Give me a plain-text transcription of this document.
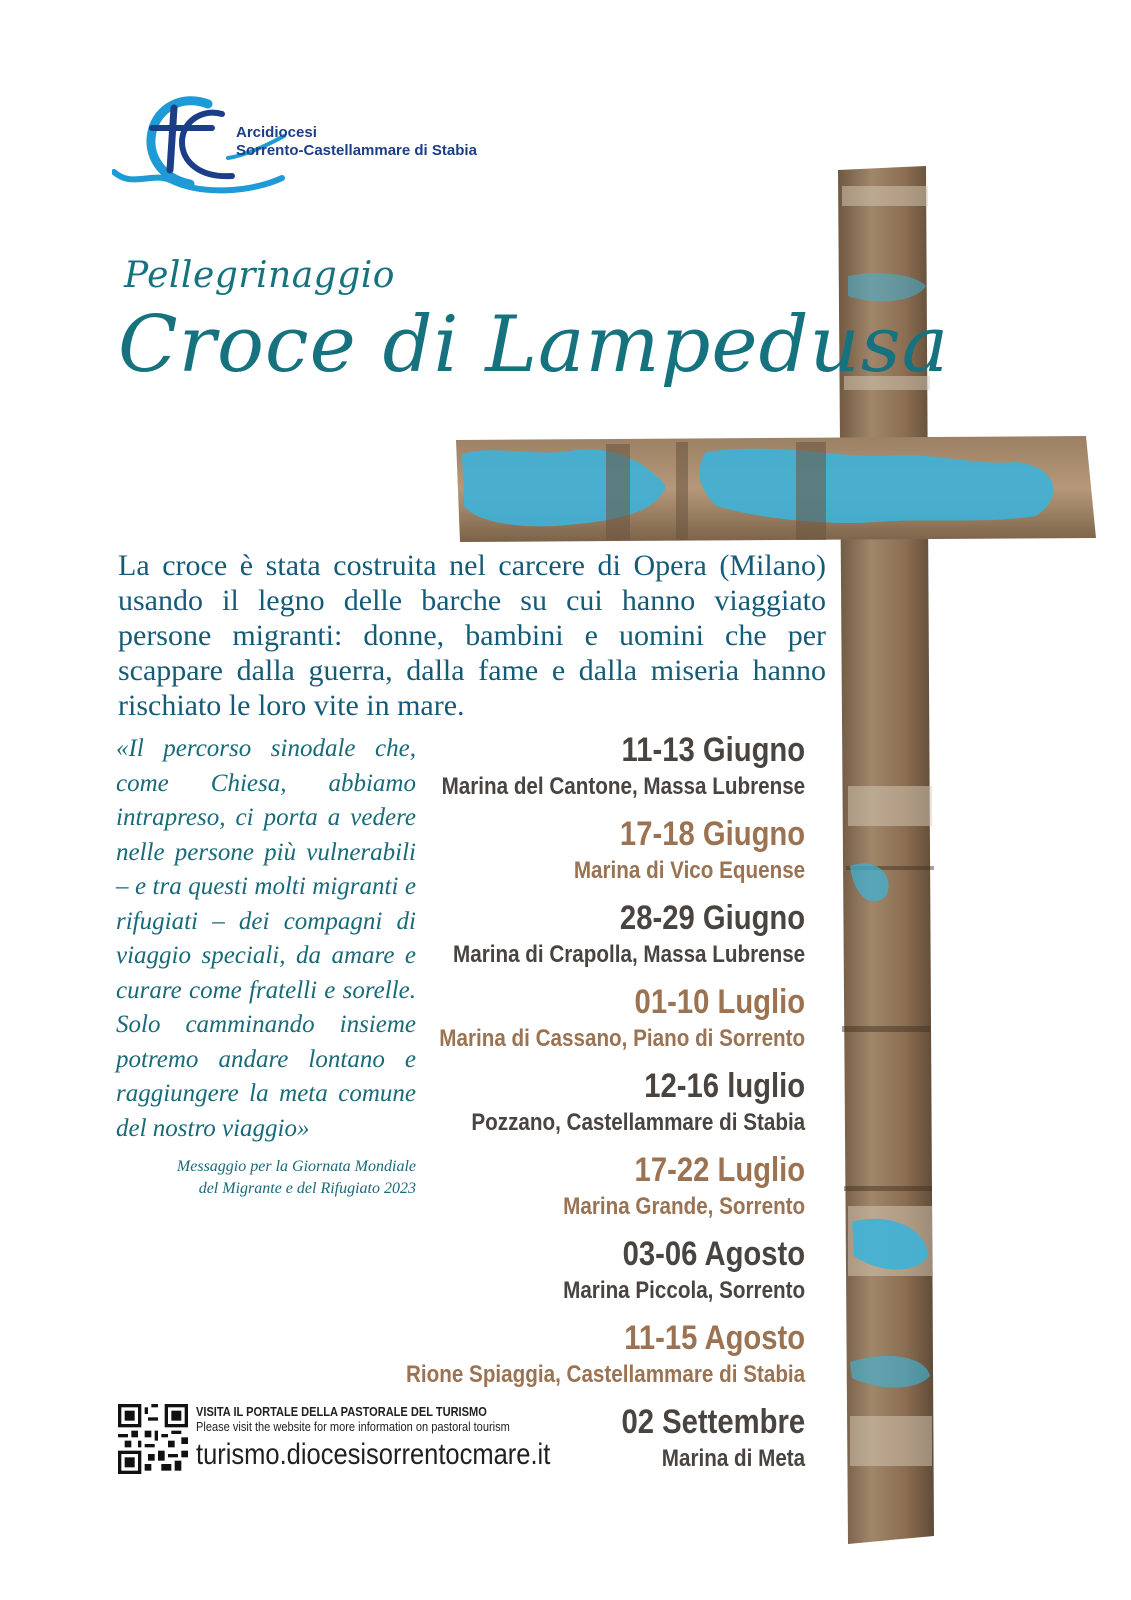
Arcidiocesi
Sorrento-Castellammare di Stabia
Pellegrinaggio
Croce di Lampedusa
La croce è stata costruita nel carcere di Opera (Milano) usando il legno delle barche su cui hanno viaggiato persone migranti: donne, bambini e uomini che per scappare dalla guerra, dalla fame e dalla miseria hanno rischiato le loro vite in mare.
«Il percorso sinodale che, come Chiesa, abbiamo intrapreso, ci porta a vedere nelle persone più vulnerabili – e tra questi molti migranti e rifugiati – dei compagni di viaggio speciali, da amare e curare come fratelli e sorelle. Solo camminando insieme potremo andare lontano e raggiungere la meta comune del nostro viaggio»
Messaggio per la Giornata Mondiale
del Migrante e del Rifugiato 2023
11-13 Giugno
Marina del Cantone, Massa Lubrense
17-18 Giugno
Marina di Vico Equense
28-29 Giugno
Marina di Crapolla, Massa Lubrense
01-10 Luglio
Marina di Cassano, Piano di Sorrento
12-16 luglio
Pozzano, Castellammare di Stabia
17-22 Luglio
Marina Grande, Sorrento
03-06 Agosto
Marina Piccola, Sorrento
11-15 Agosto
Rione Spiaggia, Castellammare di Stabia
02 Settembre
Marina di Meta
VISITA IL PORTALE DELLA PASTORALE DEL TURISMO
Please visit the website for more information on pastoral tourism
turismo.diocesisorrentocmare.it
